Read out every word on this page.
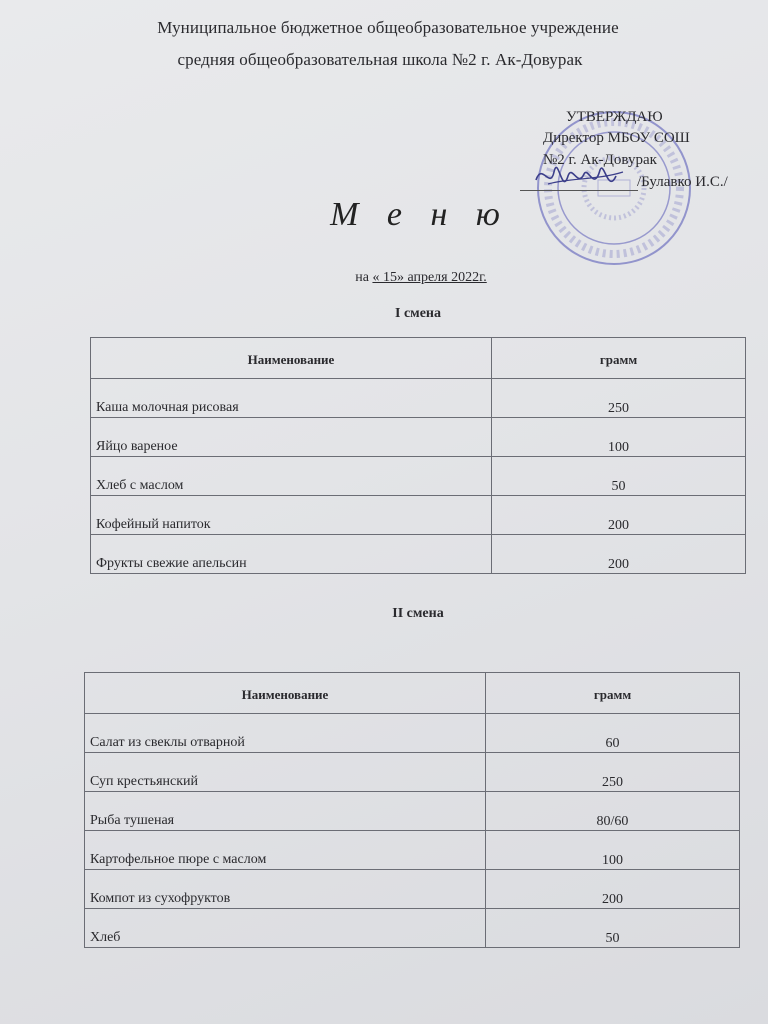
Муниципальное бюджетное общеобразовательное учреждение
средняя общеобразовательная школа №2 г. Ак-Довурак
УТВЕРЖДАЮ
Директор МБОУ СОШ
№2 г. Ак-Довурак
/Булавко И.С./
М е н ю
на « 15» апреля 2022г.
I смена
Наименование	грамм

Каша молочная рисовая	250

Яйцо вареное	100

Хлеб с маслом	50

Кофейный напиток	200

Фрукты свежие апельсин	200
II смена
Наименование	грамм

Салат из свеклы отварной	60

Суп крестьянский	250

Рыба тушеная	80/60

Картофельное пюре с маслом	100

Компот из сухофруктов	200

Хлеб	50
